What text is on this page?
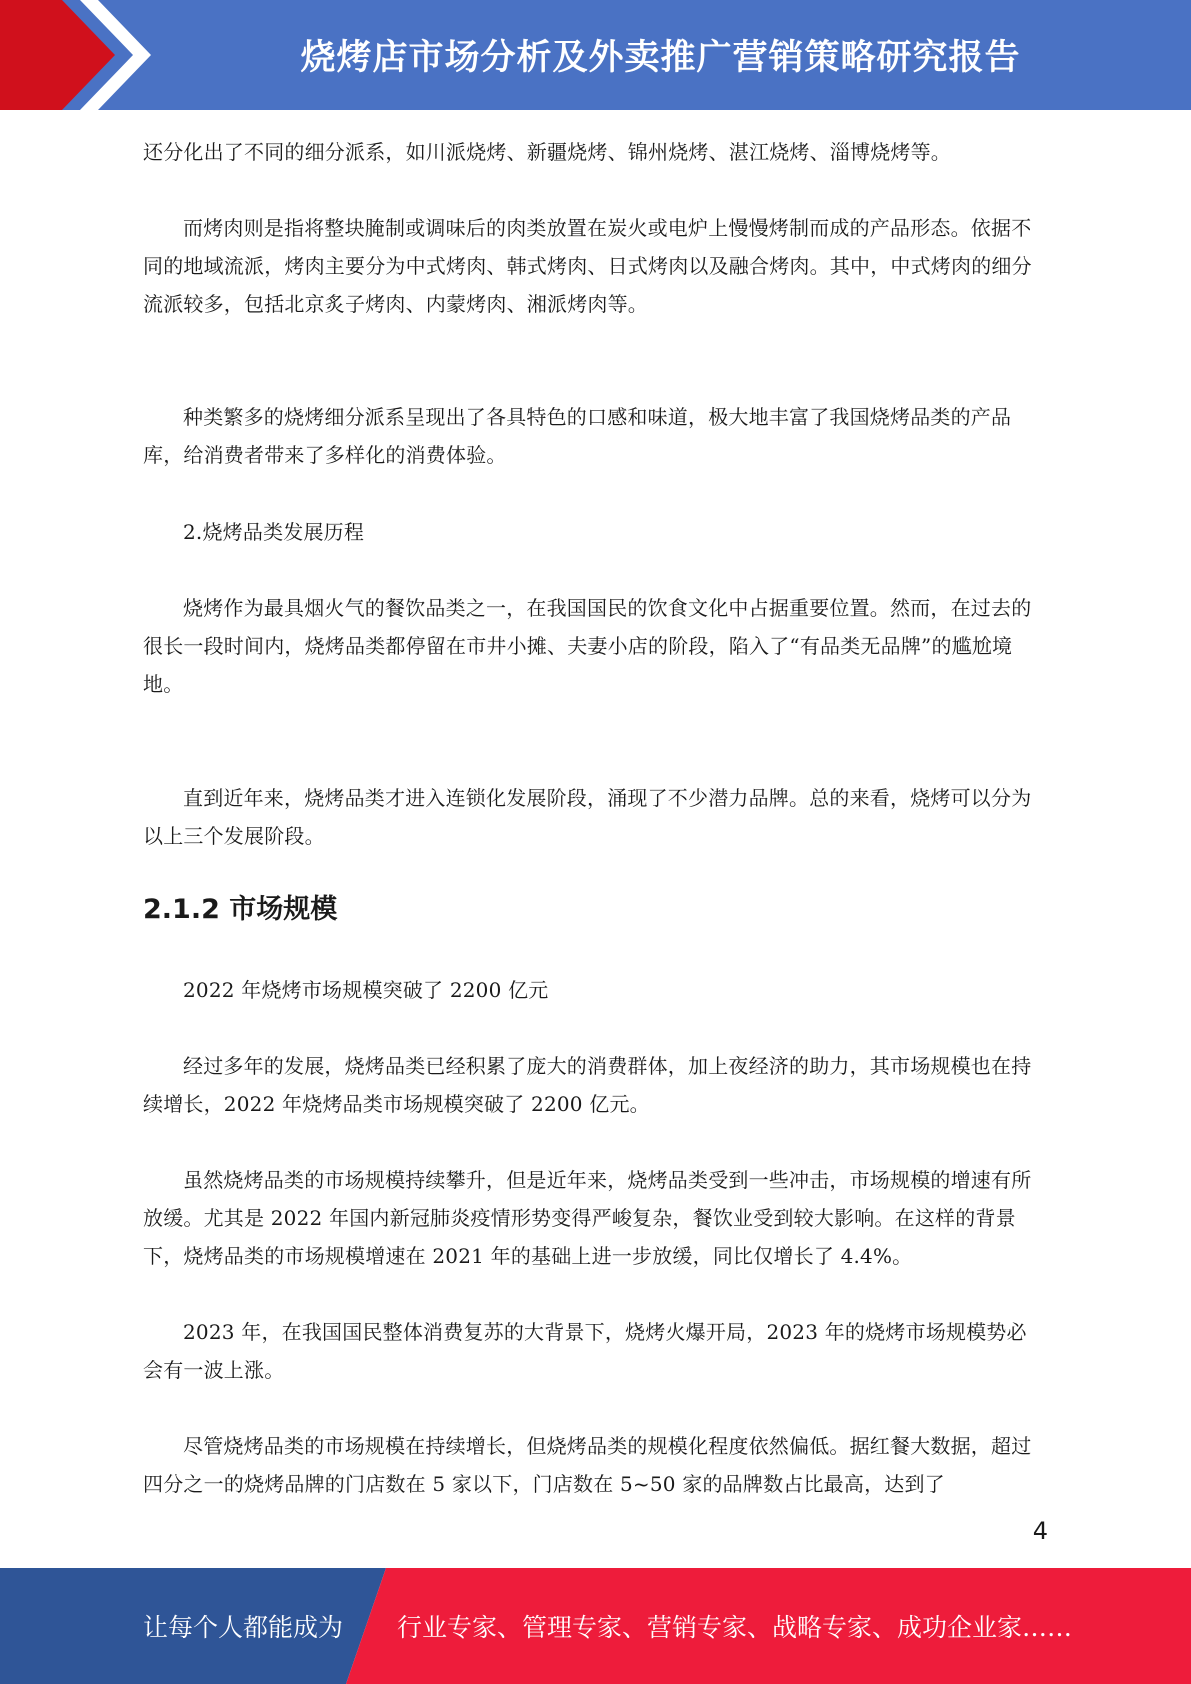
烧烤店市场分析及外卖推广营销策略研究报告
还分化出了不同的细分派系，如川派烧烤、新疆烧烤、锦州烧烤、湛江烧烤、淄博烧烤等。
而烤肉则是指将整块腌制或调味后的肉类放置在炭火或电炉上慢慢烤制而成的产品形态。依据不同的地域流派，烤肉主要分为中式烤肉、韩式烤肉、日式烤肉以及融合烤肉。其中，中式烤肉的细分流派较多，包括北京炙子烤肉、内蒙烤肉、湘派烤肉等。
种类繁多的烧烤细分派系呈现出了各具特色的口感和味道，极大地丰富了我国烧烤品类的产品库，给消费者带来了多样化的消费体验。
2.烧烤品类发展历程
烧烤作为最具烟火气的餐饮品类之一，在我国国民的饮食文化中占据重要位置。然而，在过去的很长一段时间内，烧烤品类都停留在市井小摊、夫妻小店的阶段，陷入了“有品类无品牌”的尴尬境地。
直到近年来，烧烤品类才进入连锁化发展阶段，涌现了不少潜力品牌。总的来看，烧烤可以分为以上三个发展阶段。
2.1.2 市场规模
2022 年烧烤市场规模突破了 2200 亿元
经过多年的发展，烧烤品类已经积累了庞大的消费群体，加上夜经济的助力，其市场规模也在持续增长，2022 年烧烤品类市场规模突破了 2200 亿元。
虽然烧烤品类的市场规模持续攀升，但是近年来，烧烤品类受到一些冲击，市场规模的增速有所放缓。尤其是 2022 年国内新冠肺炎疫情形势变得严峻复杂，餐饮业受到较大影响。在这样的背景下，烧烤品类的市场规模增速在 2021 年的基础上进一步放缓，同比仅增长了 4.4%。
2023 年，在我国国民整体消费复苏的大背景下，烧烤火爆开局，2023 年的烧烤市场规模势必会有一波上涨。
尽管烧烤品类的市场规模在持续增长，但烧烤品类的规模化程度依然偏低。据红餐大数据，超过四分之一的烧烤品牌的门店数在 5 家以下，门店数在 5~50 家的品牌数占比最高，达到了
4
让每个人都能成为 行业专家、管理专家、营销专家、战略专家、成功企业家……
